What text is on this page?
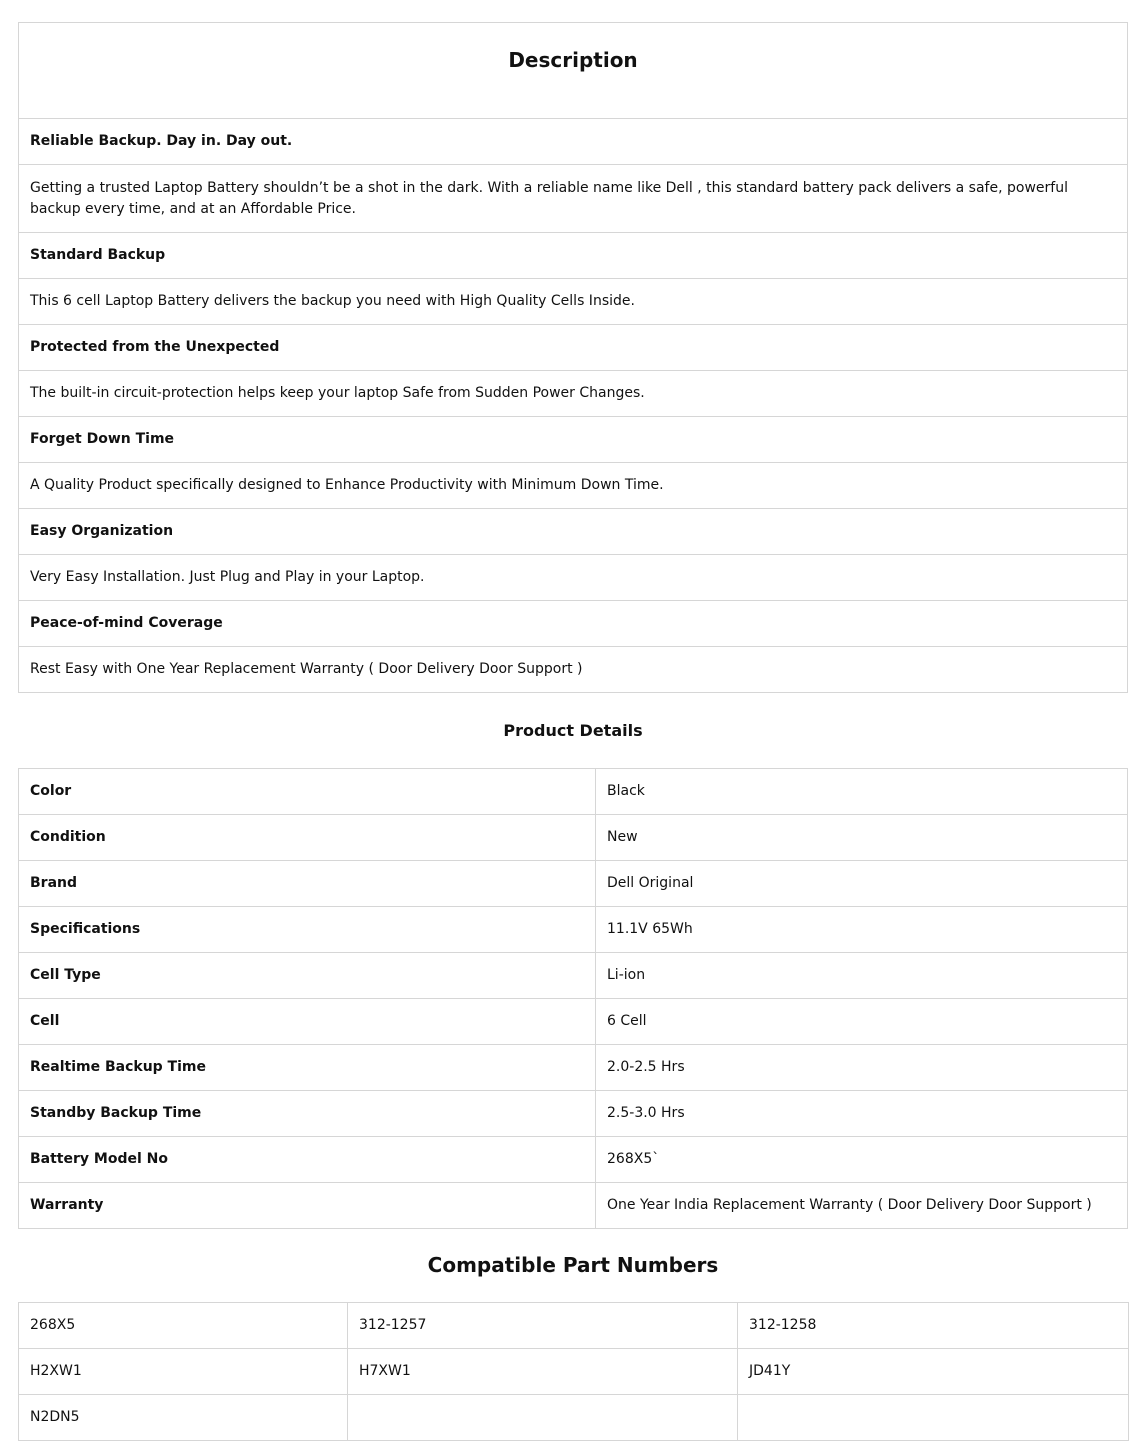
Description
Reliable Backup. Day in. Day out.
Getting a trusted Laptop Battery shouldn’t be a shot in the dark. With a reliable name like Dell , this standard battery pack delivers a safe, powerful backup every time, and at an Affordable Price.
Standard Backup
This 6 cell Laptop Battery delivers the backup you need with High Quality Cells Inside.
Protected from the Unexpected
The built-in circuit-protection helps keep your laptop Safe from Sudden Power Changes.
Forget Down Time
A Quality Product specifically designed to Enhance Productivity with Minimum Down Time.
Easy Organization
Very Easy Installation. Just Plug and Play in your Laptop.
Peace-of-mind Coverage
Rest Easy with One Year Replacement Warranty ( Door Delivery Door Support )
Product Details
Color	Black
Condition	New
Brand	Dell Original
Specifications	11.1V 65Wh
Cell Type	Li-ion
Cell	6 Cell
Realtime Backup Time	2.0-2.5 Hrs
Standby Backup Time	2.5-3.0 Hrs
Battery Model No	268X5`
Warranty	One Year India Replacement Warranty ( Door Delivery Door Support )
Compatible Part Numbers
268X5	312-1257	312-1258
H2XW1	H7XW1	JD41Y
N2DN5		
